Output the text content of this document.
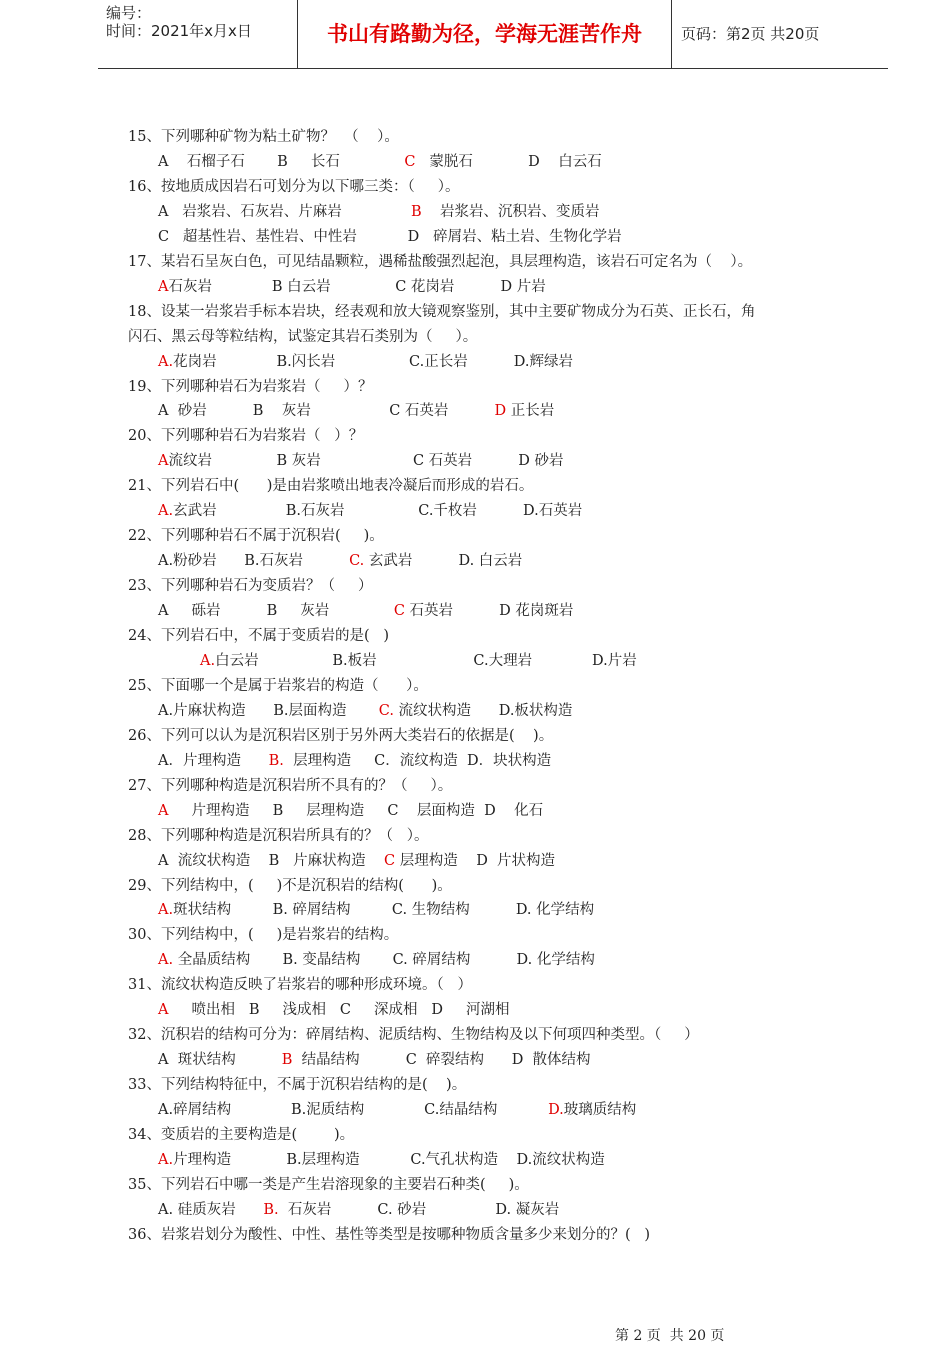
编号：
时间：2021年x月x日	书山有路勤为径，学海无涯苦作舟	页码：第2页 共20页
15、下列哪种矿物为粘土矿物？  （    ）。
A    石榴子石       B     长石              C   蒙脱石            D    白云石
16、按地质成因岩石可划分为以下哪三类：（     ）。
A   岩浆岩、石灰岩、片麻岩               B    岩浆岩、沉积岩、变质岩
C   超基性岩、基性岩、中性岩           D   碎屑岩、粘土岩、生物化学岩
17、某岩石呈灰白色，可见结晶颗粒，遇稀盐酸强烈起泡，具层理构造，该岩石可定名为（    ）。
A石灰岩             B 白云岩              C 花岗岩          D 片岩
18、设某一岩浆岩手标本岩块，经表观和放大镜观察鉴别，其中主要矿物成分为石英、正长石，角
闪石、黑云母等粒结构，试鉴定其岩石类别为（     ）。
A.花岗岩             B.闪长岩                C.正长岩          D.辉绿岩
19、下列哪种岩石为岩浆岩（     ）？
A  砂岩          B    灰岩                 C 石英岩          D 正长岩
20、下列哪种岩石为岩浆岩（   ）？
A流纹岩              B 灰岩                    C 石英岩          D 砂岩
21、下列岩石中(      )是由岩浆喷出地表冷凝后而形成的岩石。
A.玄武岩               B.石灰岩                C.千枚岩          D.石英岩
22、下列哪种岩石不属于沉积岩(     )。
A.粉砂岩      B.石灰岩          C. 玄武岩          D. 白云岩
23、下列哪种岩石为变质岩？（     ）
A     砾岩          B     灰岩              C 石英岩          D 花岗斑岩
24、下列岩石中，不属于变质岩的是(   )
A.白云岩                B.板岩                     C.大理岩             D.片岩
25、下面哪一个是属于岩浆岩的构造（      ）。
A.片麻状构造      B.层面构造       C. 流纹状构造      D.板状构造
26、下列可以认为是沉积岩区别于另外两大类岩石的依据是(    )。
A．片理构造      B.  层理构造     C．流纹构造  D．块状构造
27、下列哪种构造是沉积岩所不具有的？（     ）。
A     片理构造     B     层理构造     C    层面构造  D    化石
28、下列哪种构造是沉积岩所具有的？（   ）。
A  流纹状构造    B   片麻状构造    C 层理构造    D  片状构造
29、下列结构中，(     )不是沉积岩的结构(      )。
A.斑状结构         B. 碎屑结构         C. 生物结构          D. 化学结构
30、下列结构中，(     )是岩浆岩的结构。
A. 全晶质结构       B. 变晶结构       C. 碎屑结构          D. 化学结构
31、流纹状构造反映了岩浆岩的哪种形成环境。（   ）
A     喷出相   B     浅成相   C     深成相   D     河湖相
32、沉积岩的结构可分为：碎屑结构、泥质结构、生物结构及以下何项四种类型。（     ）
A  斑状结构          B  结晶结构          C  碎裂结构      D  散体结构
33、下列结构特征中，不属于沉积岩结构的是(    )。
A.碎屑结构             B.泥质结构             C.结晶结构           D.玻璃质结构
34、变质岩的主要构造是(        )。
A.片理构造            B.层理构造           C.气孔状构造    D.流纹状构造
35、下列岩石中哪一类是产生岩溶现象的主要岩石种类(     )。
A. 硅质灰岩      B.  石灰岩          C. 砂岩               D. 凝灰岩
36、岩浆岩划分为酸性、中性、基性等类型是按哪种物质含量多少来划分的？(   )
第 2 页  共 20 页
